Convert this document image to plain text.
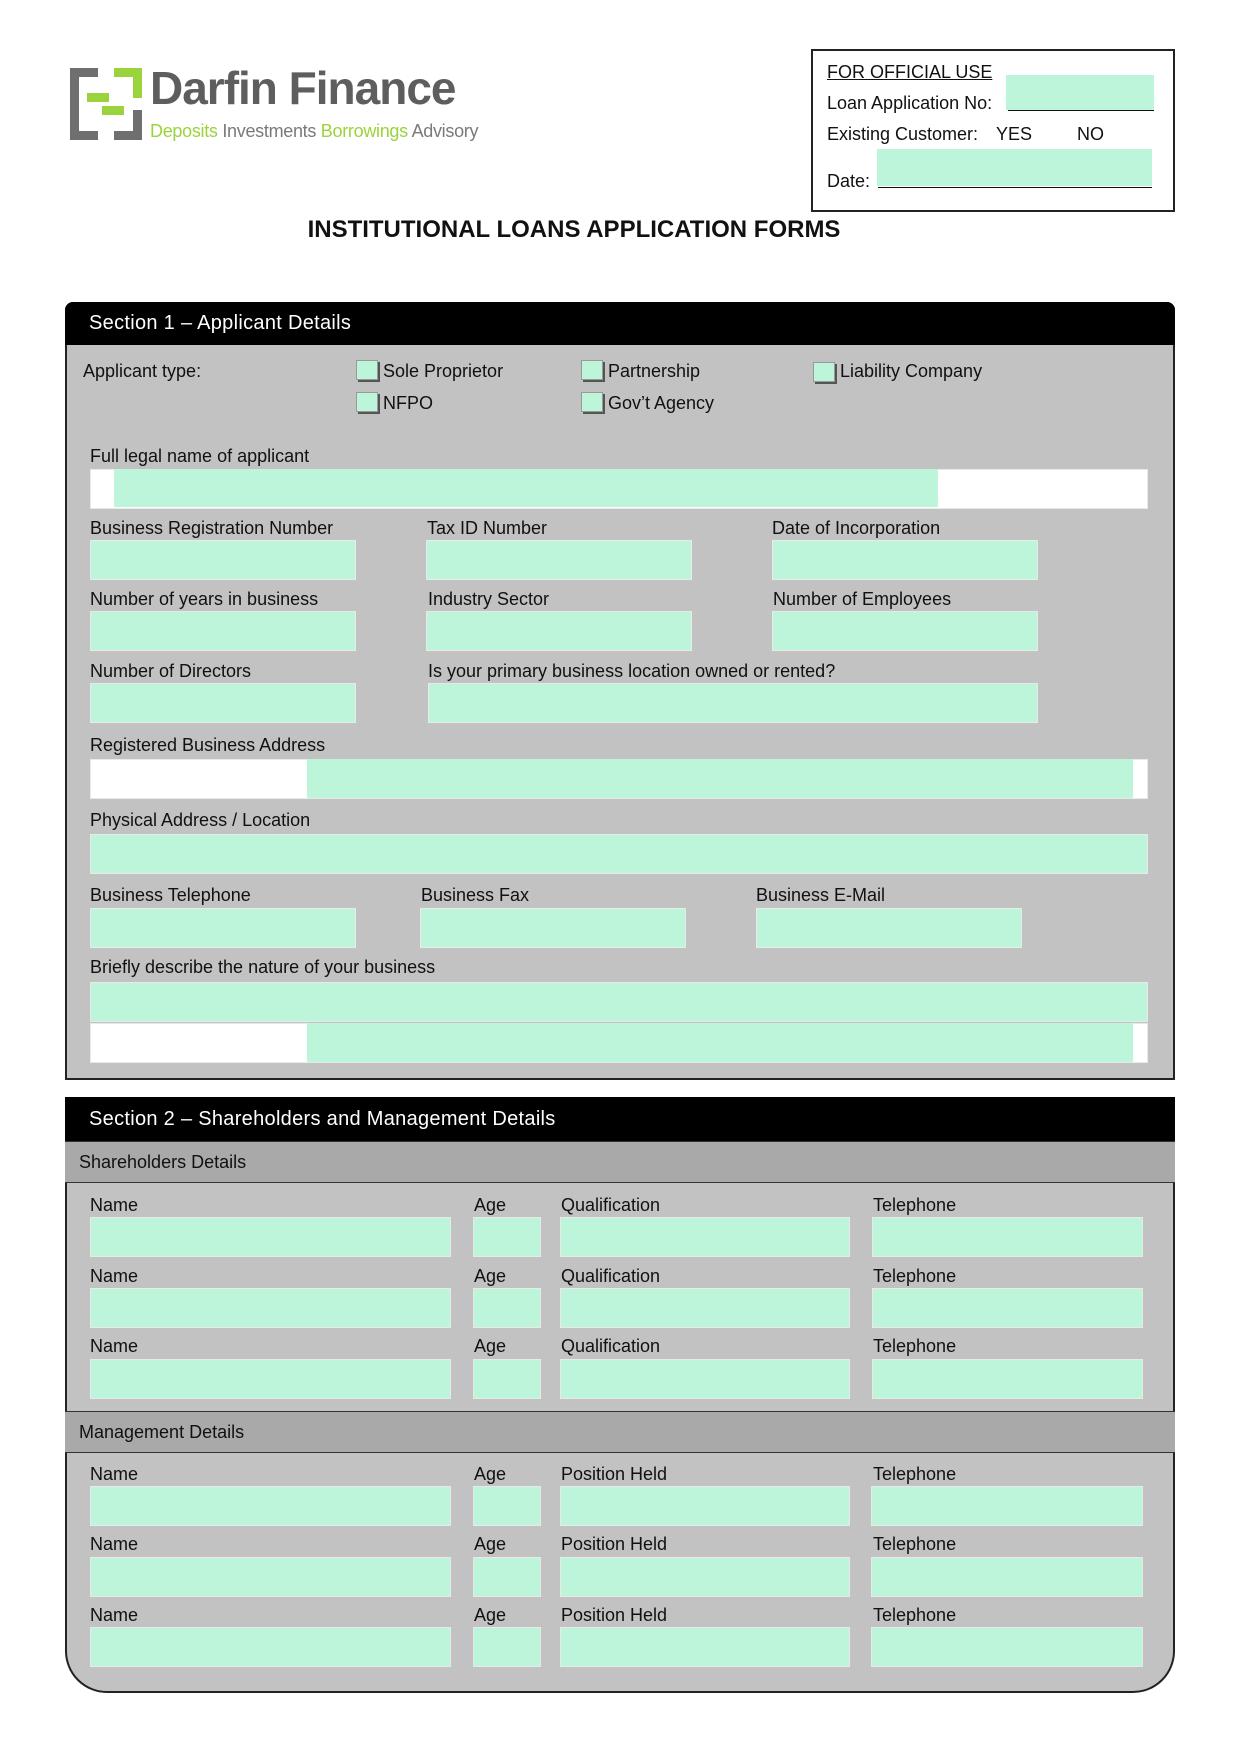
Darfin Finance
Deposits Investments Borrowings Advisory
FOR OFFICIAL USE
Loan Application No:
Existing Customer: YES NO
Date:
INSTITUTIONAL LOANS APPLICATION FORMS
Section 1 – Applicant Details
Applicant type:	Sole Proprietor	Partnership	Liability Company
NFPO	Gov’t Agency
Full legal name of applicant
Business Registration Number	Tax ID Number	Date of Incorporation
Number of years in business	Industry Sector	Number of Employees
Number of Directors	Is your primary business location owned or rented?
Registered Business Address
Physical Address / Location
Business Telephone	Business Fax	Business E-Mail
Briefly describe the nature of your business
Section 2 – Shareholders and Management Details
Shareholders Details
Name	Age	Qualification	Telephone
Name	Age	Qualification	Telephone
Name	Age	Qualification	Telephone
Management Details
Name	Age	Position Held	Telephone
Name	Age	Position Held	Telephone
Name	Age	Position Held	Telephone
